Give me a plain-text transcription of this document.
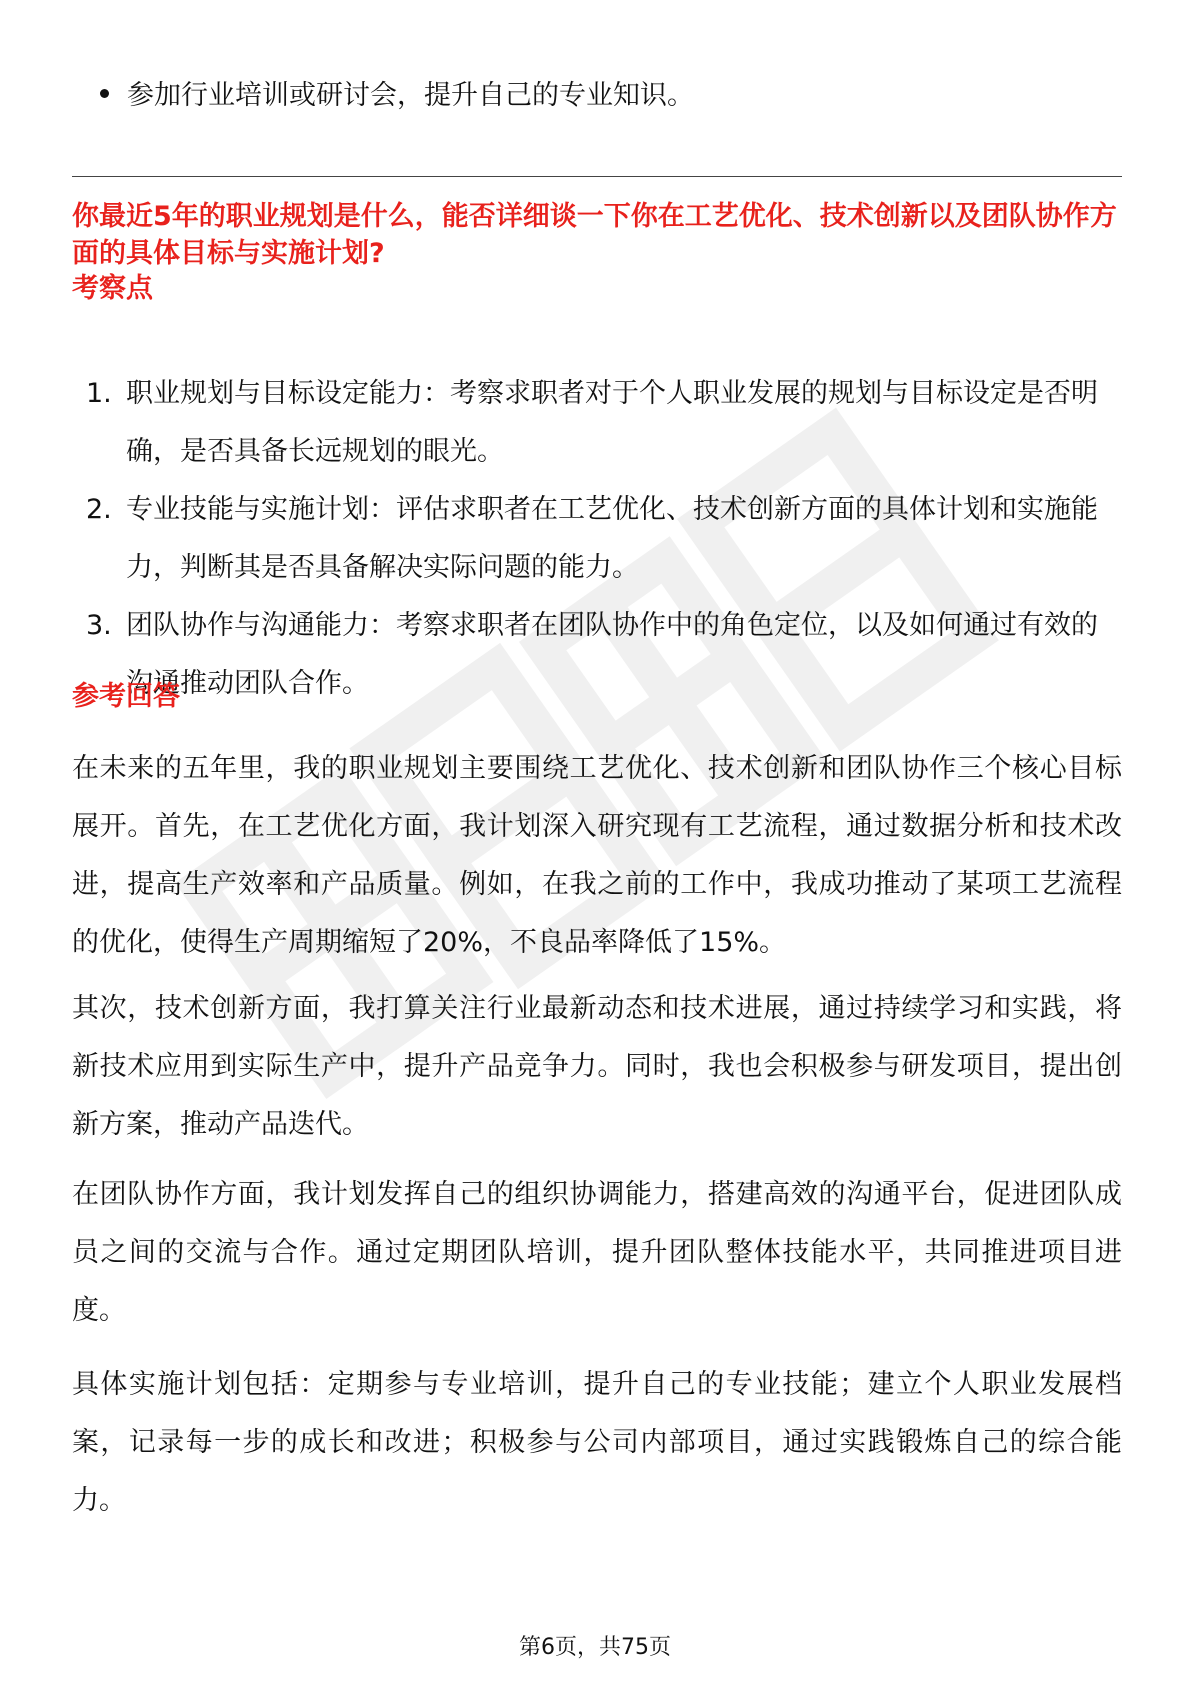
参加行业培训或研讨会，提升自己的专业知识。
你最近5年的职业规划是什么，能否详细谈一下你在工艺优化、技术创新以及团队协作方面的具体目标与实施计划?
考察点
1. 职业规划与目标设定能力：考察求职者对于个人职业发展的规划与目标设定是否明确，是否具备长远规划的眼光。
2. 专业技能与实施计划：评估求职者在工艺优化、技术创新方面的具体计划和实施能力，判断其是否具备解决实际问题的能力。
3. 团队协作与沟通能力：考察求职者在团队协作中的角色定位，以及如何通过有效的沟通推动团队合作。
参考回答
在未来的五年里，我的职业规划主要围绕工艺优化、技术创新和团队协作三个核心目标展开。首先，在工艺优化方面，我计划深入研究现有工艺流程，通过数据分析和技术改进，提高生产效率和产品质量。例如，在我之前的工作中，我成功推动了某项工艺流程的优化，使得生产周期缩短了20%，不良品率降低了15%。
其次，技术创新方面，我打算关注行业最新动态和技术进展，通过持续学习和实践，将新技术应用到实际生产中，提升产品竞争力。同时，我也会积极参与研发项目，提出创新方案，推动产品迭代。
在团队协作方面，我计划发挥自己的组织协调能力，搭建高效的沟通平台，促进团队成员之间的交流与合作。通过定期团队培训，提升团队整体技能水平，共同推进项目进度。
具体实施计划包括：定期参与专业培训，提升自己的专业技能；建立个人职业发展档案，记录每一步的成长和改进；积极参与公司内部项目，通过实践锻炼自己的综合能力。
第6页，共75页
